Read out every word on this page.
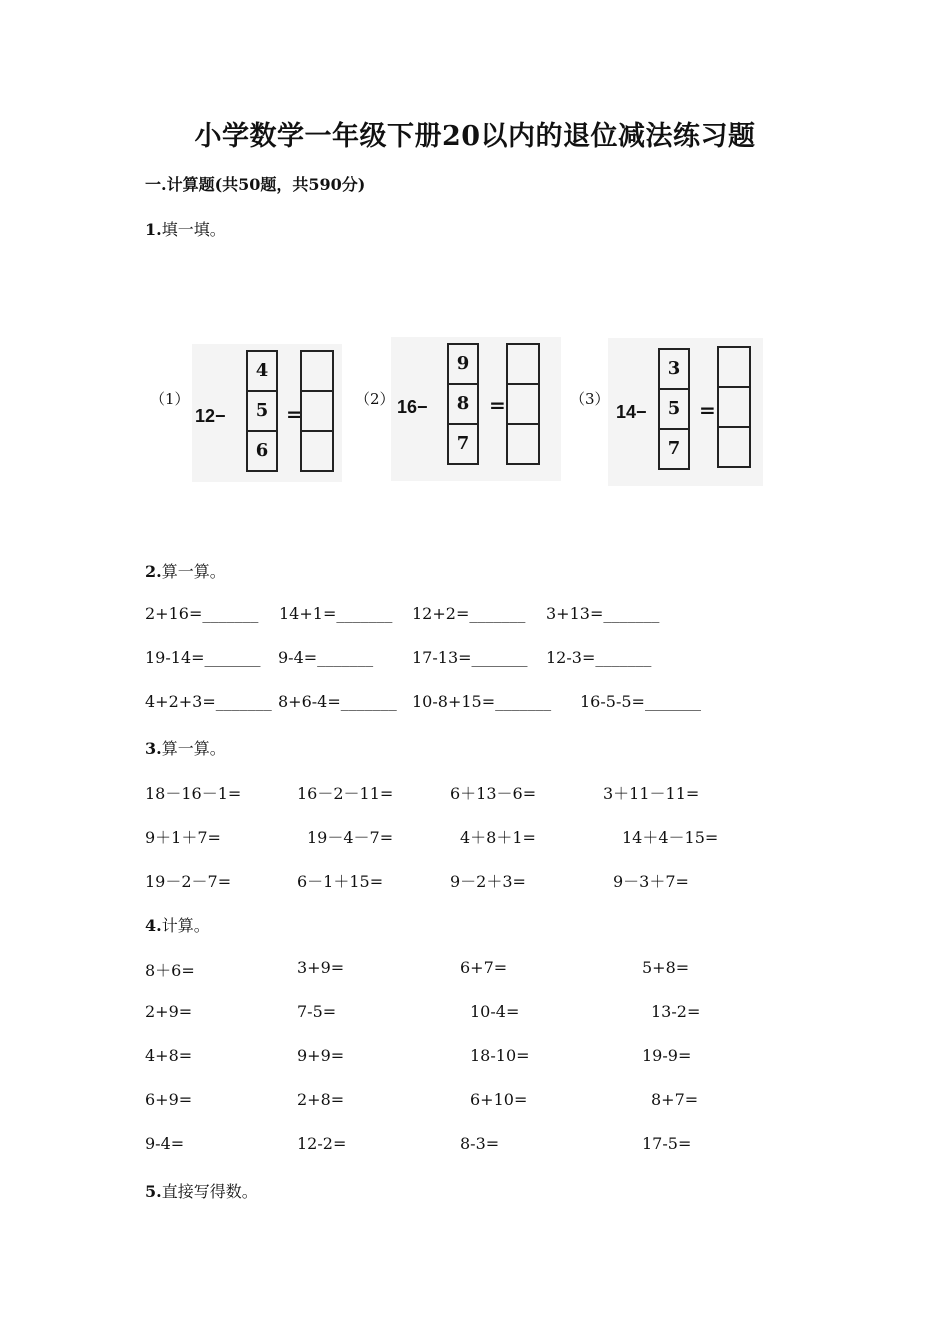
小学数学一年级下册20以内的退位减法练习题
一.计算题(共50题，共590分)
1.填一填。
（1）
12−
4
5
6
=
（2） 16−
9
8
7
=	（3）
14−
3
5
7
=
2.算一算。
2+16=_______ 14+1=_______ 12+2=_______ 3+13=_______
19-14=_______ 9-4=_______ 17-13=_______ 12-3=_______
4+2+3=_______ 8+6-4=_______ 10-8+15=_______ 16-5-5=_______
3.算一算。
18－16－1=	16－2－11=	6＋13－6=	3＋11－11=
9＋1＋7=	19－4－7=	4＋8＋1=	14＋4－15=
19－2－7=	6－1＋15=	9－2＋3=	9－3＋7=
4.计算。
8＋6=	3+9=	6+7=	5+8=
2+9=	7-5=	10-4=	13-2=
4+8=	9+9=	18-10=	19-9=
6+9=	2+8=	6+10=	8+7=
9-4=	12-2=	8-3=	17-5=
5.直接写得数。
